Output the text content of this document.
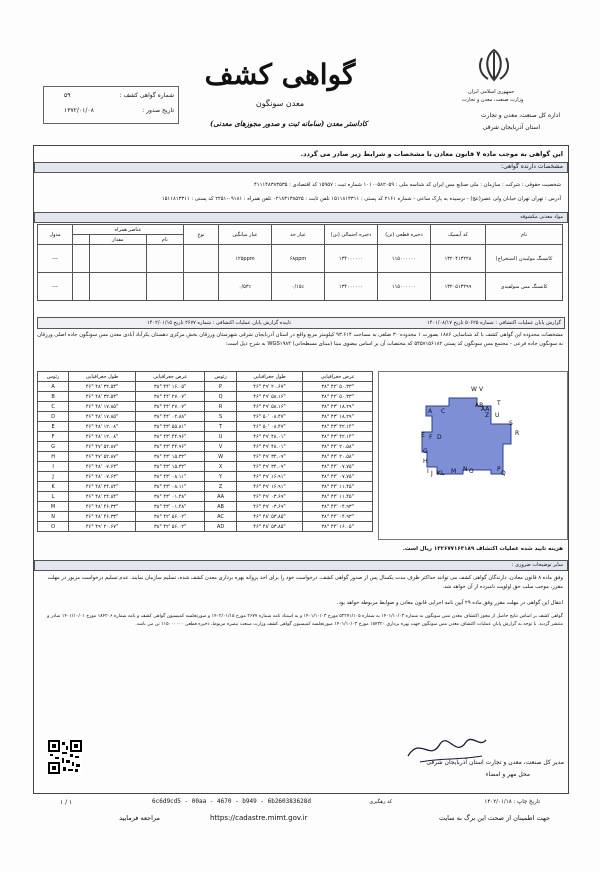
جمهوری اسلامی ایران
وزارت صنعت، معدن و تجارت
اداره کل صنعت، معدن و تجارت
استان آذربایجان شرقی
گواهی کشف
معدن سونگون
کاداستر معدن (سامانه ثبت و صدور مجوزهای معدنی)
شماره گواهی کشف :
۵۹
تاریخ صدور :
۱۳۷۲/۰۱/۰۸
این گواهی به موجب ماده ۷ قانون معادن با مشخصات و شرایط زیر صادر می گردد.
مشخصات دارنده گواهی:
شخصیت حقوقی : شرکت : سازمان : ملی صنایع مس ایران کد شناسه ملی : ۱۰۱۰۰۵۸۲۰۵۹ شماره ثبت : ۱۵۹۵۷ کد اقتصادی : ۴۱۱۱۴۸۳۸۳۵۳۵
آدرس : تهران تهران خیابان ولی عصر(عج) - نرسیده به پارک ساعی - شماره ۲۱۶۱ کد پستی : ۱۵۱۱۸۱۳۳۱۱ تلفن ثابت : ۰۲۱۸۳۱۳۸۵۲۵ تلفن همراه : ۰۹۱۸۱-۲۲۵۱ کد پستی : ۱۵۱۱۸۱۳۳۱۱
مواد معدنی مکشوفه
نام	کد آیسیک	ذخیره قطعی (تن)	ذخیره احتمالی (تن)	عیار حد	عیار میانگین	نوع	عناصر همراه			مدول
							نام	مقدار		
کانسنگ مولیبدن (استخراج)	۱۳۲۰۴۱۳۲۲۸	۱۱۵۰۰۰۰۰۰	۱۳۴۰۰۰۰۰۰	۶۸ppm	۱۲۵ppm					---
کانسنگ مس سولفیدی	۱۳۲۰۵۱۳۲۹۹	۱۱۵۰۰۰۰۰۰	۱۳۴۰۰۰۰۰۰	۰/۱۵٪	۰/۵۳٪					---
گزارش پایان عملیات اکتشافی : شماره ۵۰۶۲۵ تاریخ ۱۴۰۱/۰۸/۱۷
تاییده گزارش پایان عملیات اکتشافی : شماره ۲۶۷۷ تاریخ ۱۴۰۲/۰۱/۱۵
مشخصات محدوده این گواهی کشف با کد شناسایی ۱۸۸۶ بصورت ۱ محدوده ۳۰ ضلعی به مساحت ۹۳.۶۱۴ کیلومتر مربع واقع در استان آذربایجان شرقی شهرستان ورزقان بخش مرکزی دهستان یکرآباد آبادی معدن مس سونگون جاده اصلی ورزقان به سونگون جاده فرعی - مجتمع مس سونگون کد پستی ۵۴۵۷۱۵۶۱۸۲ که مختصات آن بر اساس بیضوی مبنا (مبنای مسطحاتی) WGS۱۹۸۴ به شرح ذیل است:
رئوس	طول جغرافیایی	عرض جغرافیایی	رئوس	طول جغرافیایی	عرض جغرافیایی
A	۴۶° ۴۸' ۳۲.۵۳"	۳۸° ۴۴' ۱۶.۰۵"	P	۴۶° ۴۹' ۲۰.۶۷"	۳۸° ۴۲' ۵۰.۳۳"
B	۴۶° ۴۸' ۳۲.۵۳"	۳۸° ۴۴' ۲۷.۰۷"	Q	۴۶° ۴۹' ۵۸.۱۶"	۳۸° ۴۲' ۵۰.۳۳"
C	۴۶° ۴۸' ۱۷.۸۵"	۳۸° ۴۴' ۲۷.۰۷"	R	۴۶° ۴۹' ۵۸.۱۶"	۳۸° ۴۳' ۱۸.۲۹"
D	۴۶° ۴۸' ۱۷.۸۵"	۳۸° ۴۴' ۰۲.۸۸"	S	۴۶° ۵۰' ۰۸.۴۷"	۳۸° ۴۳' ۱۸.۲۹"
E	۴۶° ۴۸' ۱۲.۰۸"	۳۸° ۴۳' ۵۵.۸۱"	T	۴۶° ۵۰' ۰۸.۴۷"	۳۸° ۴۳' ۴۲.۱۴"
F	۴۶° ۴۸' ۱۲.۰۸"	۳۸° ۴۳' ۴۴.۹۶"	U	۴۶° ۴۹' ۴۸.۰۱"	۳۸° ۴۳' ۴۲.۱۴"
G	۴۶° ۴۷' ۵۲.۸۷"	۳۸° ۴۳' ۴۴.۹۶"	V	۴۶° ۴۹' ۴۸.۰۱"	۳۸° ۴۴' ۲۰.۵۸"
H	۴۶° ۴۷' ۵۲.۸۷"	۳۸° ۴۳' ۱۵.۳۲"	W	۴۶° ۴۹' ۳۴.۰۹"	۳۸° ۴۴' ۲۰.۵۸"
I	۴۶° ۴۸' ۰۷.۶۳"	۳۸° ۴۳' ۱۵.۳۲"	X	۴۶° ۴۹' ۳۴.۰۹"	۳۸° ۴۴' ۰۷.۷۵"
J	۴۶° ۴۸' ۰۷.۶۳"	۳۸° ۴۳' ۰۸.۱۱"	Y	۴۶° ۴۹' ۱۶.۹۱"	۳۸° ۴۴' ۰۷.۷۵"
K	۴۶° ۴۸' ۲۴.۸۴"	۳۸° ۴۳' ۰۸.۱۱"	Z	۴۶° ۴۹' ۱۶.۹۱"	۳۸° ۴۴' ۱۱.۴۵"
L	۴۶° ۴۸' ۲۴.۸۴"	۳۸° ۴۳' ۰۱.۴۸"	AA	۴۶° ۴۹' ۰۳.۶۹"	۳۸° ۴۴' ۱۱.۴۵"
M	۴۶° ۴۸' ۴۶.۳۳"	۳۸° ۴۳' ۰۱.۴۸"	AB	۴۶° ۴۹' ۰۳.۶۹"	۳۸° ۴۴' ۰۴.۹۳"
N	۴۶° ۴۸' ۴۶.۳۳"	۳۸° ۴۲' ۵۶.۰۲"	AC	۴۶° ۴۸' ۵۳.۸۵"	۳۸° ۴۴' ۰۴.۹۳"
O	۴۶° ۴۹' ۲۰.۶۷"	۳۸° ۴۲' ۵۶.۰۲"	AD	۴۶° ۴۸' ۵۳.۸۵"	۳۸° ۴۴' ۱۶.۰۵"
W V
A C
AB
AA
Z
T
U
S
R
E F D
G
H
I J K L M N O	P
Q
هزینه تایید شده عملیات اکتشاف ۱۳۲۶۷۷۱۶۳۱۸۹ ریال است.
سایر توضیحات ضروری :
وفق ماده ۸ قانون معادن، دارندگان گواهی کشف می توانند حداکثر ظرف مدت یکسال پس از صدور گواهی کشف، درخواست خود را برای اخذ پروانه بهره برداری معدن کشف شده، تسلیم سازمان نمایند. عدم تسلیم درخواست مزبور در مهلت مقرر، موجب سلب حق اولویت نامبرده از آن خواهد شد.
انتقال این گواهی در مهلت مقرر وفق ماده ۲۹ آیین نامه اجرایی قانون معادن و ضوابط مربوطه خواهد بود.
گواهی کشف بر اساس نتایج حاصل از مجوز اکتشاف معدن مس سونگون به شماره ۱۴۰۱/۱۰/۰۳ به شماره ۵۲۲۷۱/۱۰۵ مورخ ۱۴۰۱/۱۰/۰۳ و به استناد نامه شماره ۲۶۷۷ مورخ ۱۴۰۲/۰۱/۱۵ و صورتجلسه کمیسیون گواهی کشف و نامه شماره ۱۸۴۲۰۶ مورخ ۱۴۰۱/۱۰/۰۱ صادر و منتشر گردید. با توجه به گزارش پایان عملیات اکتشاف معدن مس سونگون جهت بهره برداری ۱۸۴۳۲۰ مورخ ۱۴۰۱/۱۰/۰۳ صورتجلسه کمیسیون گواهی کشف وزارت صنعت تبصره مربوط، ذخیره قطعی ۱۱۵۰۰۰۰۰۰ تن می باشد.
مدیر کل صنعت، معدن و تجارت استان آذربایجان شرقی
محل مهر و امضاء
۱ / ۱	6c6d9cd5 - 00aa - 4670 - b949 - 6b260383628d	کد رهگیری	تاریخ چاپ : ۱۴۰۲/۰۱/۱۸
جهت اطمینان از صحت این برگ به سایت
https://cadastre.mimt.gov.ir
مراجعه فرمایید
